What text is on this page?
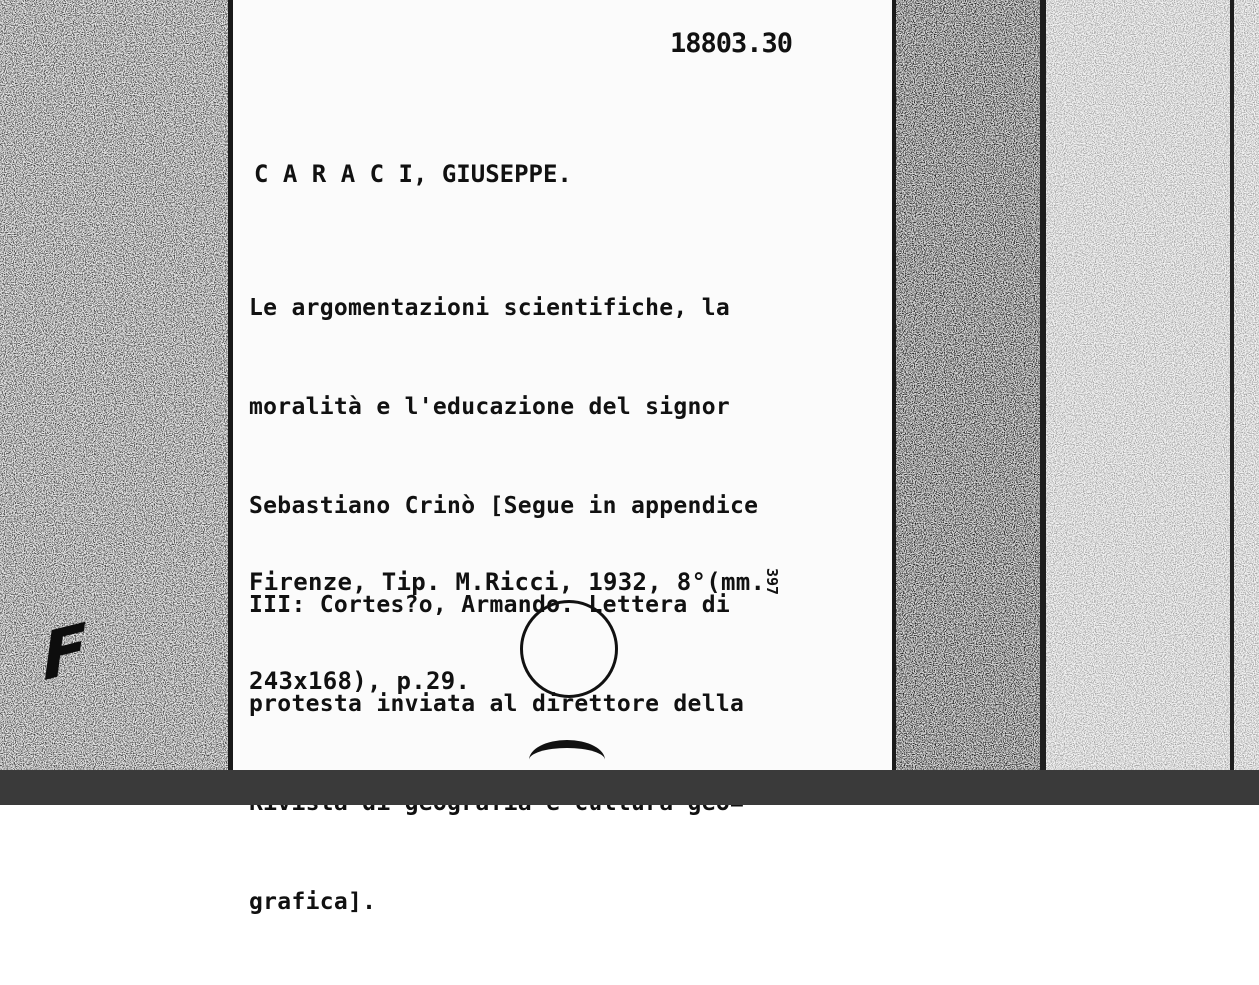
F
18803.30
C A R A C I, GIUSEPPE.

Le argomentazioni scientifiche, la

moralità e l'educazione del signor

Sebastiano Crinò [Segue in appendice

III: Cortes?o, Armando. Lettera di

protesta inviata al direttore della

grafica].

Firenze, Tip. M.Ricci, 1932, 8°(mm.

243x168), p.29.

397
